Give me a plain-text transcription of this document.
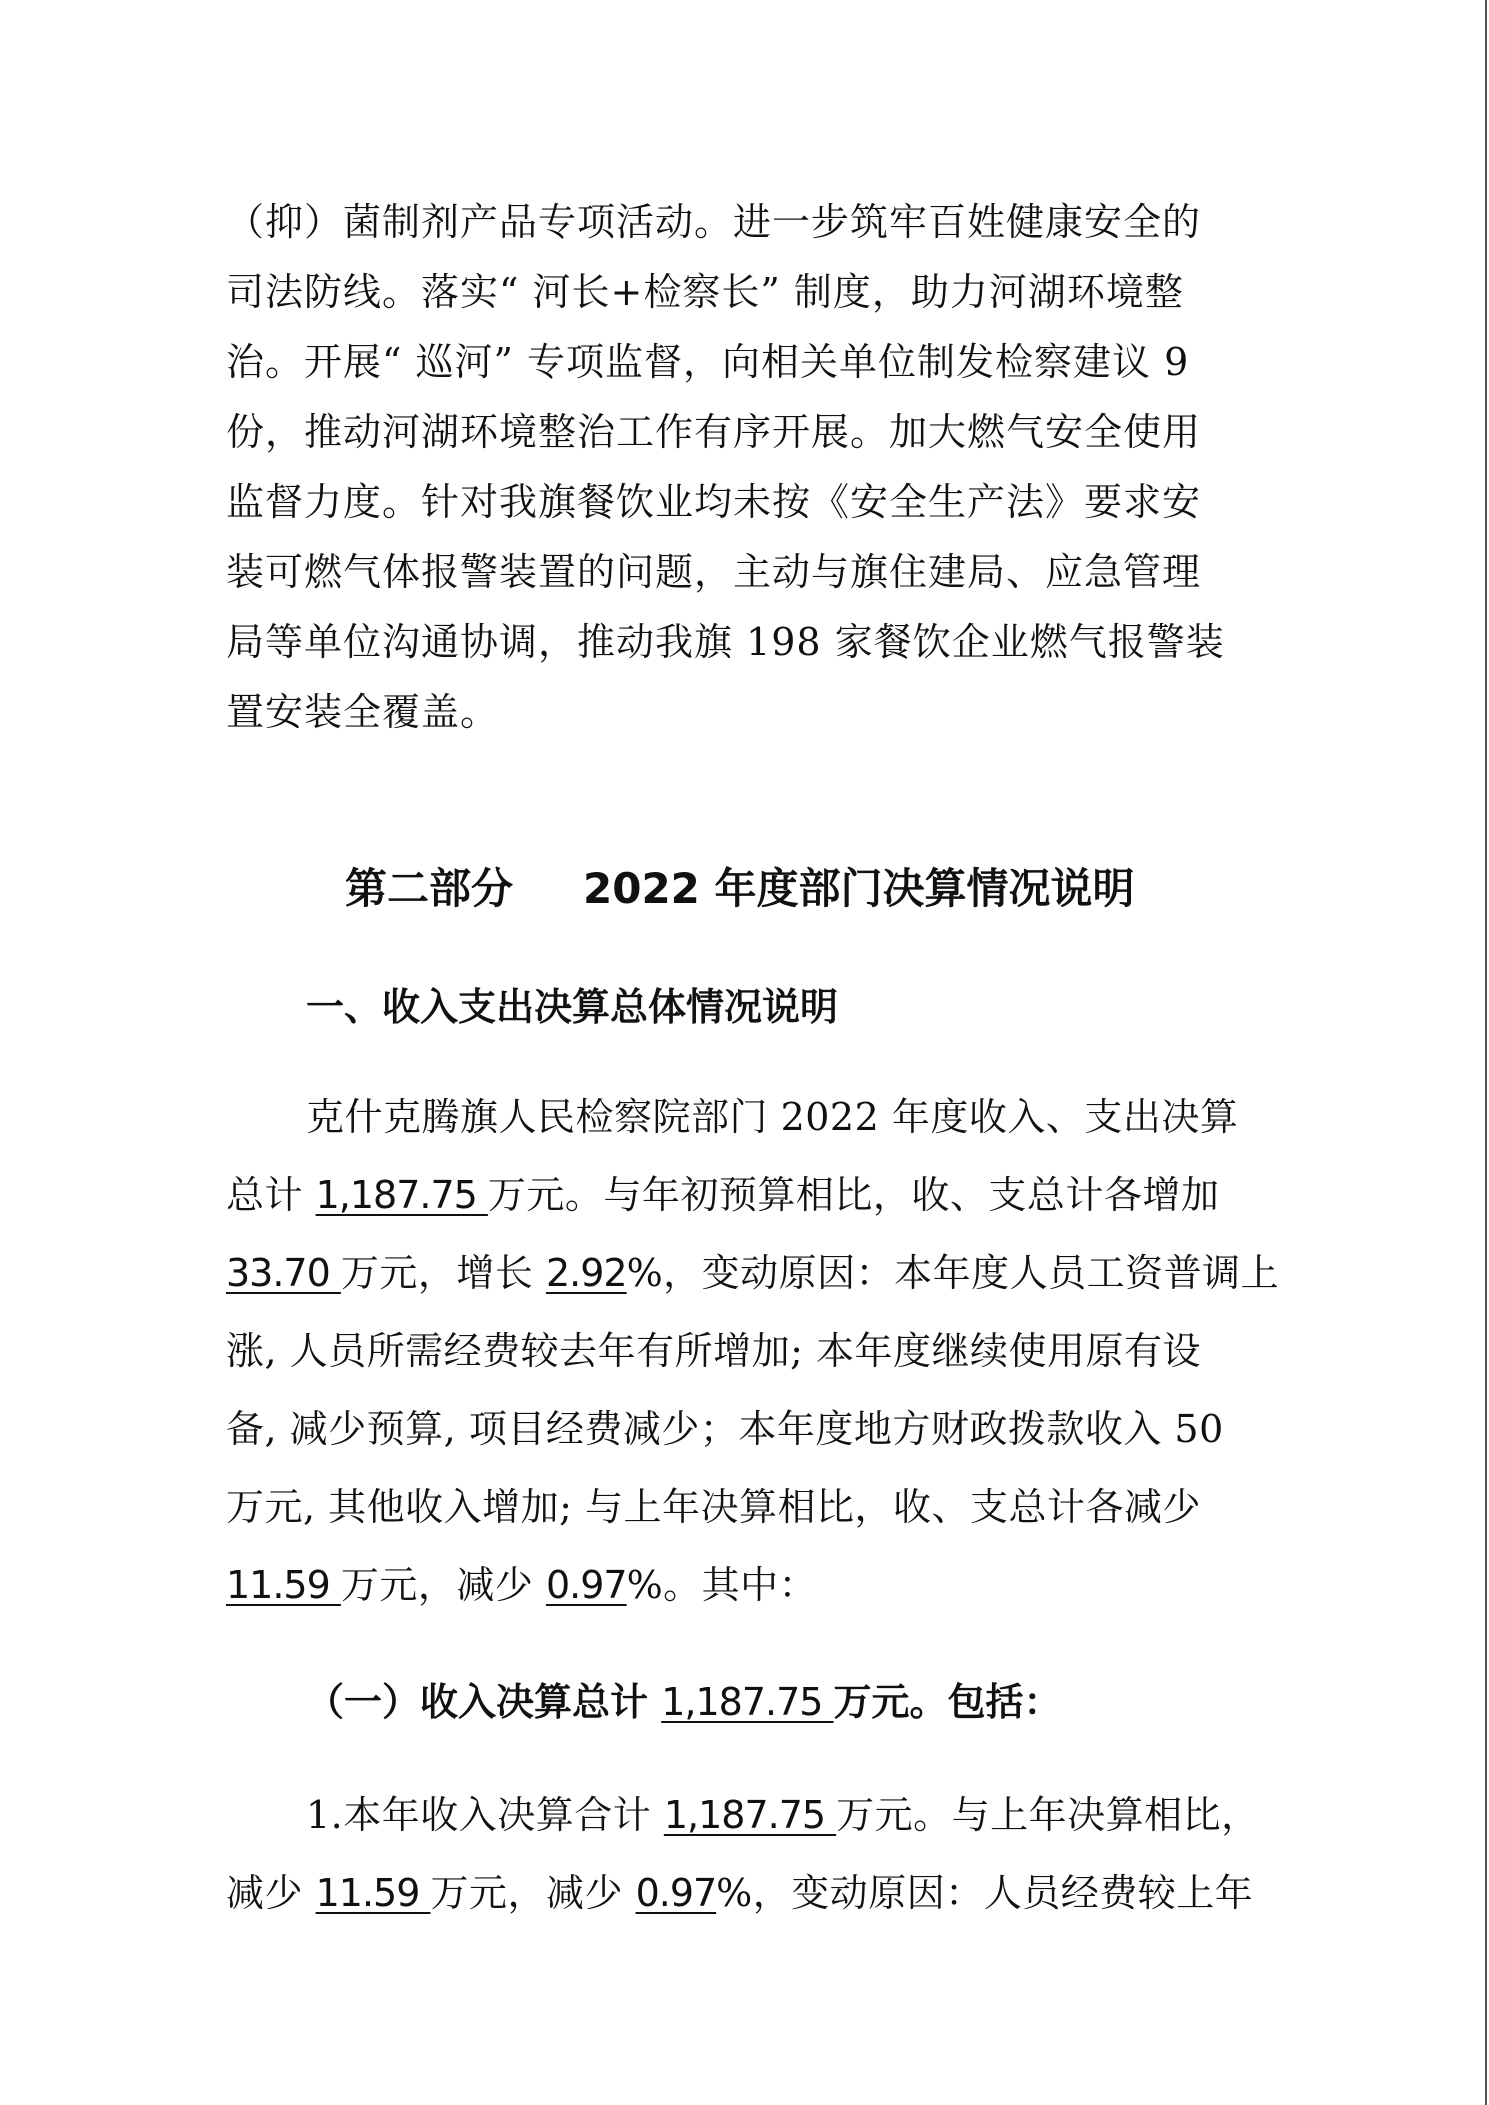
（抑）菌制剂产品专项活动。进一步筑牢百姓健康安全的
司法防线。落实“ 河长+检察长” 制度，助力河湖环境整
治。开展“ 巡河” 专项监督，向相关单位制发检察建议 9
份，推动河湖环境整治工作有序开展。加大燃气安全使用
监督力度。针对我旗餐饮业均未按《安全生产法》要求安
装可燃气体报警装置的问题，主动与旗住建局、应急管理
局等单位沟通协调，推动我旗 198 家餐饮企业燃气报警装
置安装全覆盖。
第二部分 2022 年度部门决算情况说明
一、收入支出决算总体情况说明
克什克腾旗人民检察院部门 2022 年度收入、支出决算
总计 1,187.75 万元。与年初预算相比，收、支总计各增加
33.70 万元，增长 2.92%，变动原因：本年度人员工资普调上
涨, 人员所需经费较去年有所增加; 本年度继续使用原有设
备, 减少预算, 项目经费减少；本年度地方财政拨款收入 50
万元, 其他收入增加; 与上年决算相比，收、支总计各减少
11.59 万元，减少 0.97%。其中：
（一）收入决算总计 1,187.75 万元。包括：
1.本年收入决算合计 1,187.75 万元。与上年决算相比，
减少 11.59 万元，减少 0.97%，变动原因：人员经费较上年
